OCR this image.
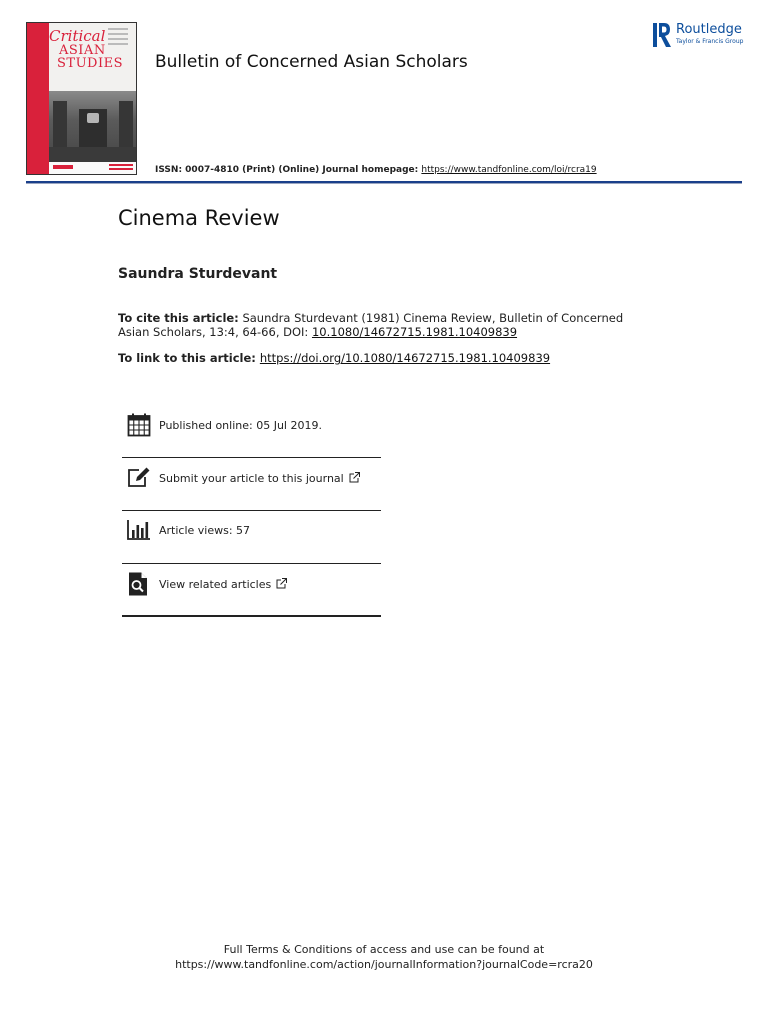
Critical
ASIAN
STUDIES	Bulletin of Concerned Asian Scholars
ISSN: 0007-4810 (Print) (Online) Journal homepage: https://www.tandfonline.com/loi/rcra19
Routledge
Taylor & Francis Group
Cinema Review
Saundra Sturdevant
To cite this article: Saundra Sturdevant (1981) Cinema Review, Bulletin of Concerned Asian Scholars, 13:4, 64-66, DOI: 10.1080/14672715.1981.10409839
To link to this article: https://doi.org/10.1080/14672715.1981.10409839
Published online: 05 Jul 2019.
Submit your article to this journal
Article views: 57
View related articles
Full Terms & Conditions of access and use can be found at
https://www.tandfonline.com/action/journalInformation?journalCode=rcra20
